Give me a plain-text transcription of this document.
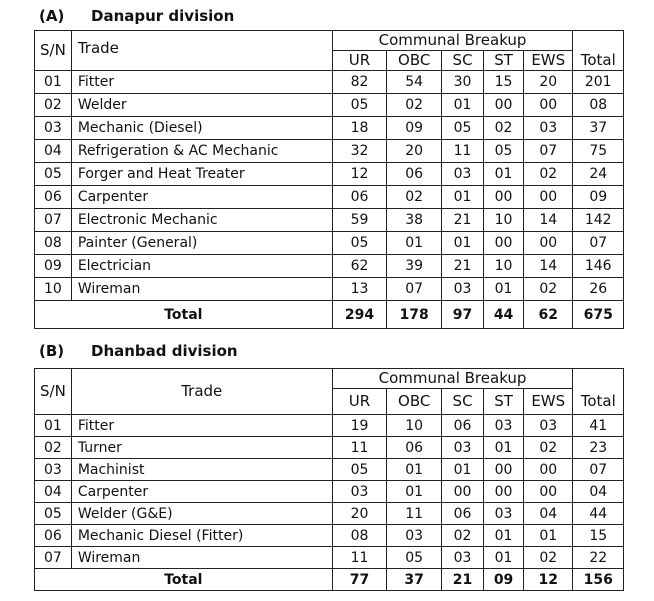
(A) Danapur division
S/N	Trade	Communal Breakup					
		UR	OBC	SC	ST	EWS	Total
01	Fitter	82	54	30	15	20	201
02	Welder	05	02	01	00	00	08
03	Mechanic (Diesel)	18	09	05	02	03	37
04	Refrigeration & AC Mechanic	32	20	11	05	07	75
05	Forger and Heat Treater	12	06	03	01	02	24
06	Carpenter	06	02	01	00	00	09
07	Electronic Mechanic	59	38	21	10	14	142
08	Painter (General)	05	01	01	00	00	07
09	Electrician	62	39	21	10	14	146
10	Wireman	13	07	03	01	02	26
Total		294	178	97	44	62	675
(B) Dhanbad division
S/N	Trade	Communal Breakup					
		UR	OBC	SC	ST	EWS	Total
01	Fitter	19	10	06	03	03	41
02	Turner	11	06	03	01	02	23
03	Machinist	05	01	01	00	00	07
04	Carpenter	03	01	00	00	00	04
05	Welder (G&E)	20	11	06	03	04	44
06	Mechanic Diesel (Fitter)	08	03	02	01	01	15
07	Wireman	11	05	03	01	02	22
Total		77	37	21	09	12	156
